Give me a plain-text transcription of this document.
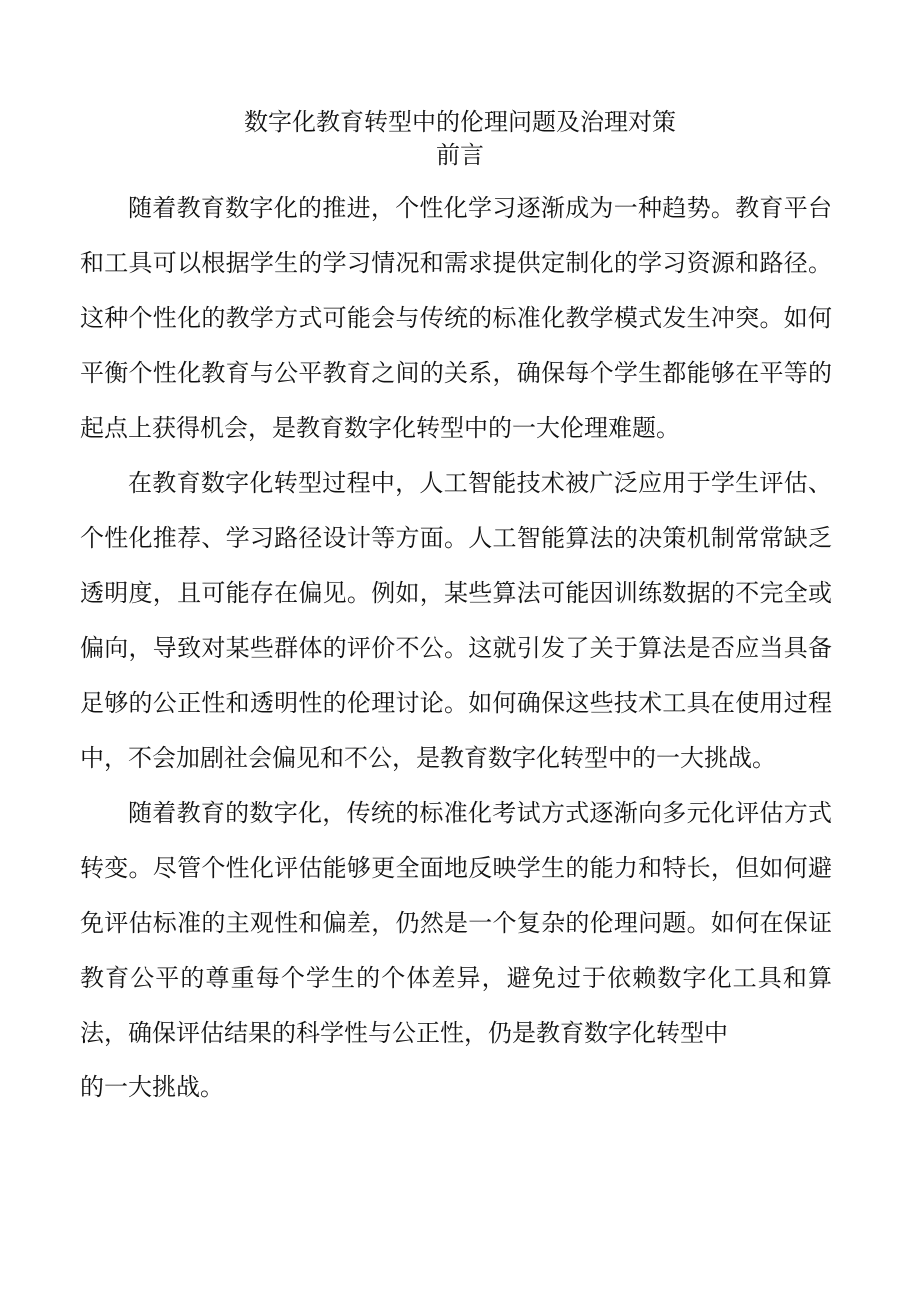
数字化教育转型中的伦理问题及治理对策
前言

随着教育数字化的推进，个性化学习逐渐成为一种趋势。教育平台和工具可以根据学生的学习情况和需求提供定制化的学习资源和路径。这种个性化的教学方式可能会与传统的标准化教学模式发生冲突。如何平衡个性化教育与公平教育之间的关系，确保每个学生都能够在平等的起点上获得机会，是教育数字化转型中的一大伦理难题。

在教育数字化转型过程中，人工智能技术被广泛应用于学生评估、个性化推荐、学习路径设计等方面。人工智能算法的决策机制常常缺乏透明度，且可能存在偏见。例如，某些算法可能因训练数据的不完全或偏向，导致对某些群体的评价不公。这就引发了关于算法是否应当具备足够的公正性和透明性的伦理讨论。如何确保这些技术工具在使用过程中，不会加剧社会偏见和不公，是教育数字化转型中的一大挑战。

随着教育的数字化，传统的标准化考试方式逐渐向多元化评估方式转变。尽管个性化评估能够更全面地反映学生的能力和特长，但如何避免评估标准的主观性和偏差，仍然是一个复杂的伦理问题。如何在保证教育公平的尊重每个学生的个体差异，避免过于依赖数字化工具和算法，确保评估结果的科学性与公正性，仍是教育数字化转型中

的一大挑战。
